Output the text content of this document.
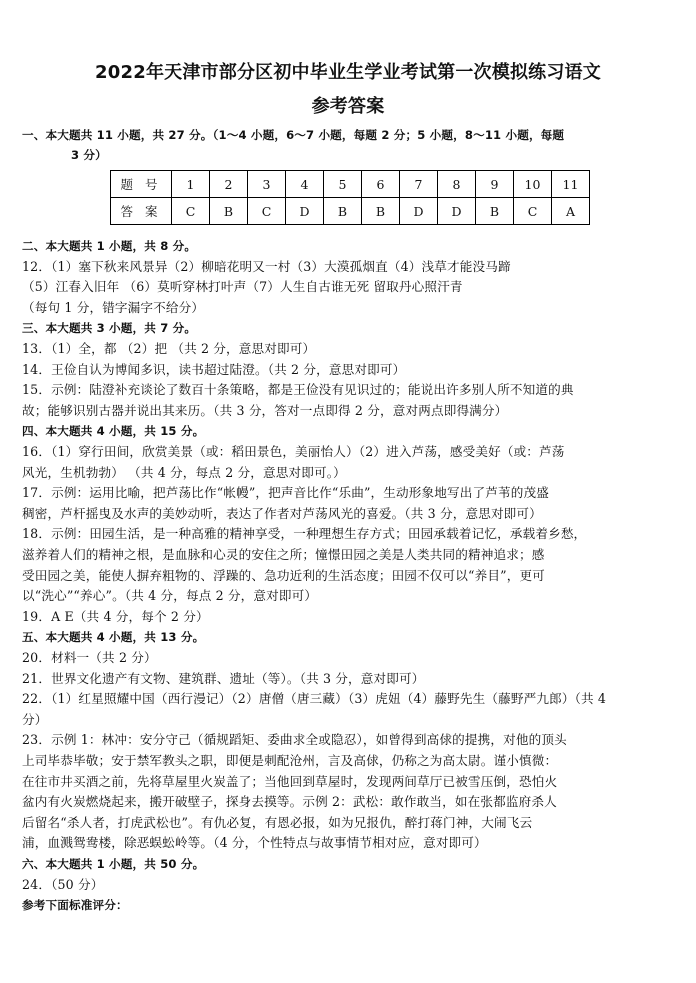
2022年天津市部分区初中毕业生学业考试第一次模拟练习语文
参考答案
一、本大题共 11 小题，共 27 分。（1～4 小题，6～7 小题，每题 2 分；5 小题，8～11 小题，每题
3 分）
题 号	1	2	3	4	5	6	7	8	9	10	11
答 案	C	B	C	D	B	B	D	D	B	C	A
二、本大题共 1 小题，共 8 分。
12．（1）塞下秋来风景异（2）柳暗花明又一村（3）大漠孤烟直（4）浅草才能没马蹄
（5）江春入旧年 （6）莫听穿林打叶声（7）人生自古谁无死 留取丹心照汗青
（每句 1 分，错字漏字不给分）
三、本大题共 3 小题，共 7 分。
13．（1）全，都 （2）把 （共 2 分，意思对即可）
14．王俭自认为博闻多识，读书超过陆澄。（共 2 分，意思对即可）
15．示例：陆澄补充谈论了数百十条策略，都是王俭没有见识过的；能说出许多别人所不知道的典
故；能够识别古器并说出其来历。（共 3 分，答对一点即得 2 分，意对两点即得满分）
四、本大题共 4 小题，共 15 分。
16．（1）穿行田间，欣赏美景（或：稻田景色，美丽怡人）（2）进入芦荡，感受美好（或：芦荡
风光，生机勃勃） （共 4 分，每点 2 分，意思对即可。）
17．示例：运用比喻，把芦荡比作“帐幔”，把声音比作“乐曲”，生动形象地写出了芦苇的茂盛
稠密，芦杆摇曳及水声的美妙动听，表达了作者对芦荡风光的喜爱。（共 3 分，意思对即可）
18．示例：田园生活，是一种高雅的精神享受，一种理想生存方式；田园承载着记忆，承载着乡愁，
滋养着人们的精神之根，是血脉和心灵的安住之所；憧憬田园之美是人类共同的精神追求；感
受田园之美，能使人摒弃粗物的、浮躁的、急功近利的生活态度；田园不仅可以“养目”，更可
以“洗心”“养心”。（共 4 分，每点 2 分，意对即可）
19．A E（共 4 分，每个 2 分）
五、本大题共 4 小题，共 13 分。
20．材料一（共 2 分）
21．世界文化遗产有文物、建筑群、遗址（等）。（共 3 分，意对即可）
22．（1）红星照耀中国（西行漫记）（2）唐僧（唐三藏）（3）虎妞（4）藤野先生（藤野严九郎）（共 4
分）
23．示例 1：林冲：安分守己（循规蹈矩、委曲求全或隐忍），如曾得到高俅的提携，对他的顶头
上司毕恭毕敬；安于禁军教头之职，即便是刺配沧州，言及高俅，仍称之为高太尉。谨小慎微：
在往市井买酒之前，先将草屋里火炭盖了；当他回到草屋时，发现两间草厅已被雪压倒，恐怕火
盆内有火炭燃烧起来，搬开破壁子，探身去摸等。示例 2：武松：敢作敢当，如在张都监府杀人
后留名“杀人者，打虎武松也”。有仇必复，有恩必报，如为兄报仇，醉打蒋门神，大闹飞云
浦，血溅鸳鸯楼，除恶蜈蚣岭等。（4 分，个性特点与故事情节相对应，意对即可）
六、本大题共 1 小题，共 50 分。
24．（50 分）
参考下面标准评分：
